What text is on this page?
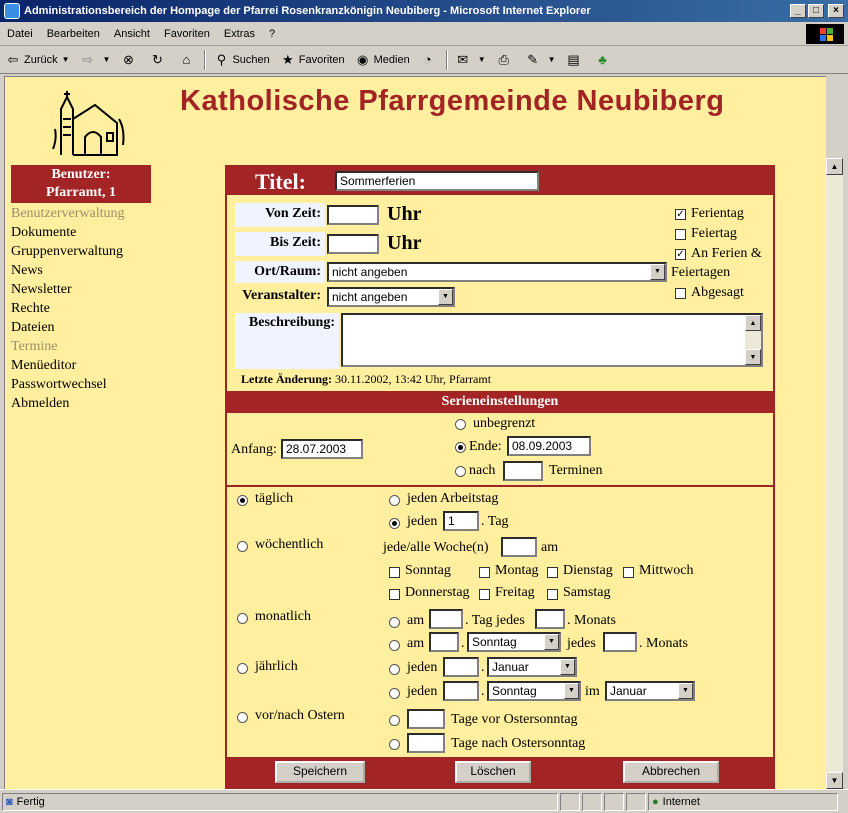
Administrationsbereich der Hompage der Pfarrei Rosenkranzkönigin Neubiberg - Microsoft Internet Explorer	_	□	×
Datei	Bearbeiten	Ansicht	Favoriten	Extras	?
⇦ Zurück ▼ ⇨	▼ ⊗ ↻	⌂	⚲ Suchen ★ Favoriten ◉ Medien	◔	✉	▼ ⎙ ✎	▼ ▤ ♣
Katholische Pfarrgemeinde Neubiberg
Benutzer:
Pfarramt, 1
Benutzerverwaltung
Dokumente
Gruppenverwaltung
News
Newsletter
Rechte
Dateien
Termine
Menüeditor
Passwortwechsel
Abmelden
Titel:	Sommerferien
Von Zeit:	Uhr
Bis Zeit:	Uhr
Ort/Raum: nicht angeben	▼
Veranstalter: nicht angeben	▼
✓ Ferientag
Feiertag
✓ An Ferien &
Feiertagen
Abgesagt
Beschreibung:	▲
▼
Letzte Änderung: 30.11.2002, 13:42 Uhr, Pfarramt
Serieneinstellungen
Anfang: 28.07.2003
unbegrenzt
Ende: 08.09.2003
nach	Terminen
täglich	jeden Arbeitstag
jeden 1	. Tag
wöchentlich	jede/alle Woche(n)	am
Sonntag	Montag Dienstag Mittwoch
Donnerstag Freitag Samstag
monatlich	am	. Tag jedes	. Monats
am	. Sonntag	▼ jedes	. Monats
jährlich	jeden	. Januar	▼
jeden	. Sonntag	▼ im Januar	▼
vor/nach Ostern	Tage vor Ostersonntag
Tage nach Ostersonntag
Speichern	Löschen	Abbrechen
▲
▼
◙ Fertig	● Internet
